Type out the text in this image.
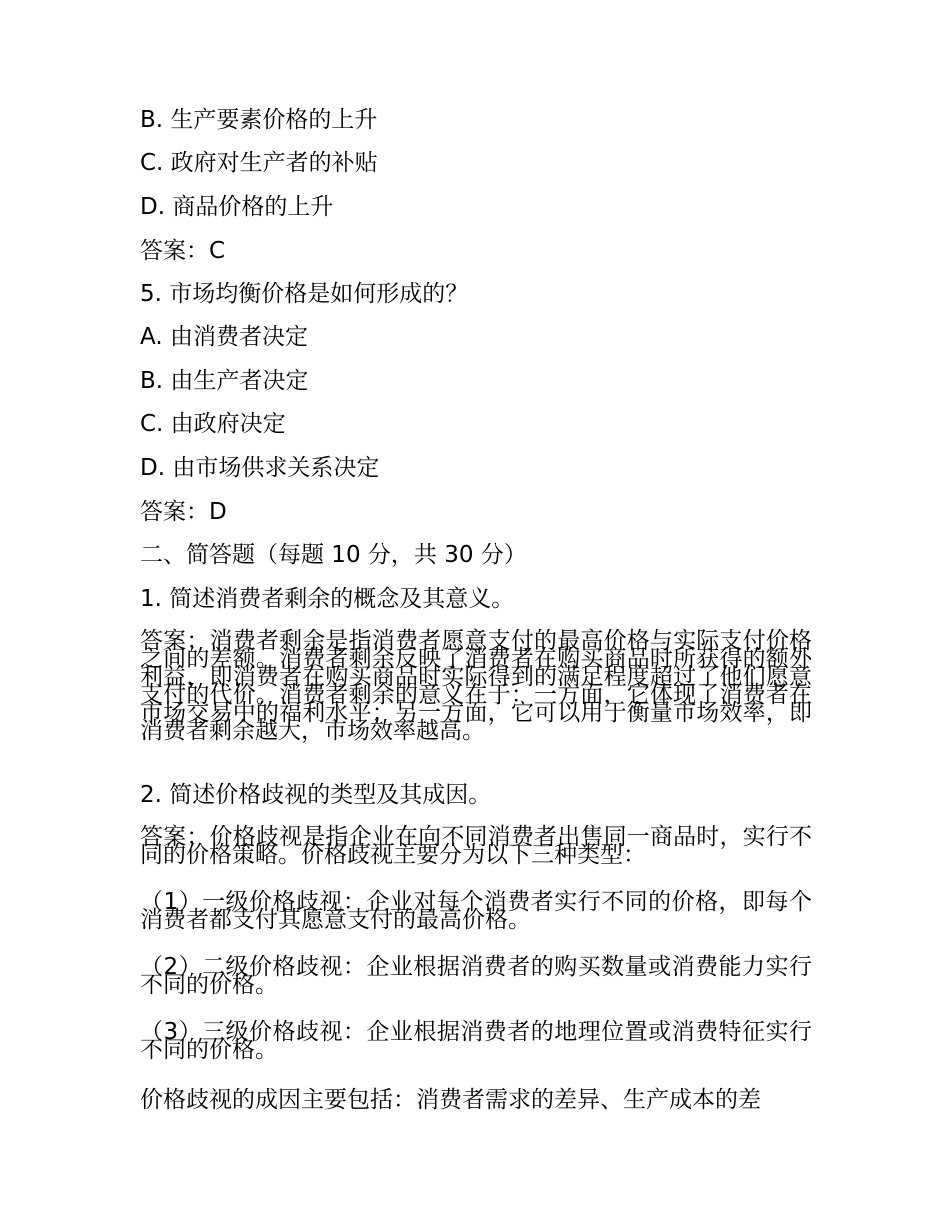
B. 生产要素价格的上升
C. 政府对生产者的补贴
D. 商品价格的上升
答案：C
5. 市场均衡价格是如何形成的？
A. 由消费者决定
B. 由生产者决定
C. 由政府决定
D. 由市场供求关系决定
答案：D
二、简答题（每题 10 分，共 30 分）
1. 简述消费者剩余的概念及其意义。
答案：消费者剩余是指消费者愿意支付的最高价格与实际支付价格之间的差额。消费者剩余反映了消费者在购买商品时所获得的额外利益，即消费者在购买商品时实际得到的满足程度超过了他们愿意支付的代价。消费者剩余的意义在于：一方面，它体现了消费者在市场交易中的福利水平；另一方面，它可以用于衡量市场效率，即消费者剩余越大，市场效率越高。
2. 简述价格歧视的类型及其成因。
答案：价格歧视是指企业在向不同消费者出售同一商品时，实行不同的价格策略。价格歧视主要分为以下三种类型：
（1）一级价格歧视：企业对每个消费者实行不同的价格，即每个消费者都支付其愿意支付的最高价格。
（2）二级价格歧视：企业根据消费者的购买数量或消费能力实行不同的价格。
（3）三级价格歧视：企业根据消费者的地理位置或消费特征实行不同的价格。
价格歧视的成因主要包括：消费者需求的差异、生产成本的差
